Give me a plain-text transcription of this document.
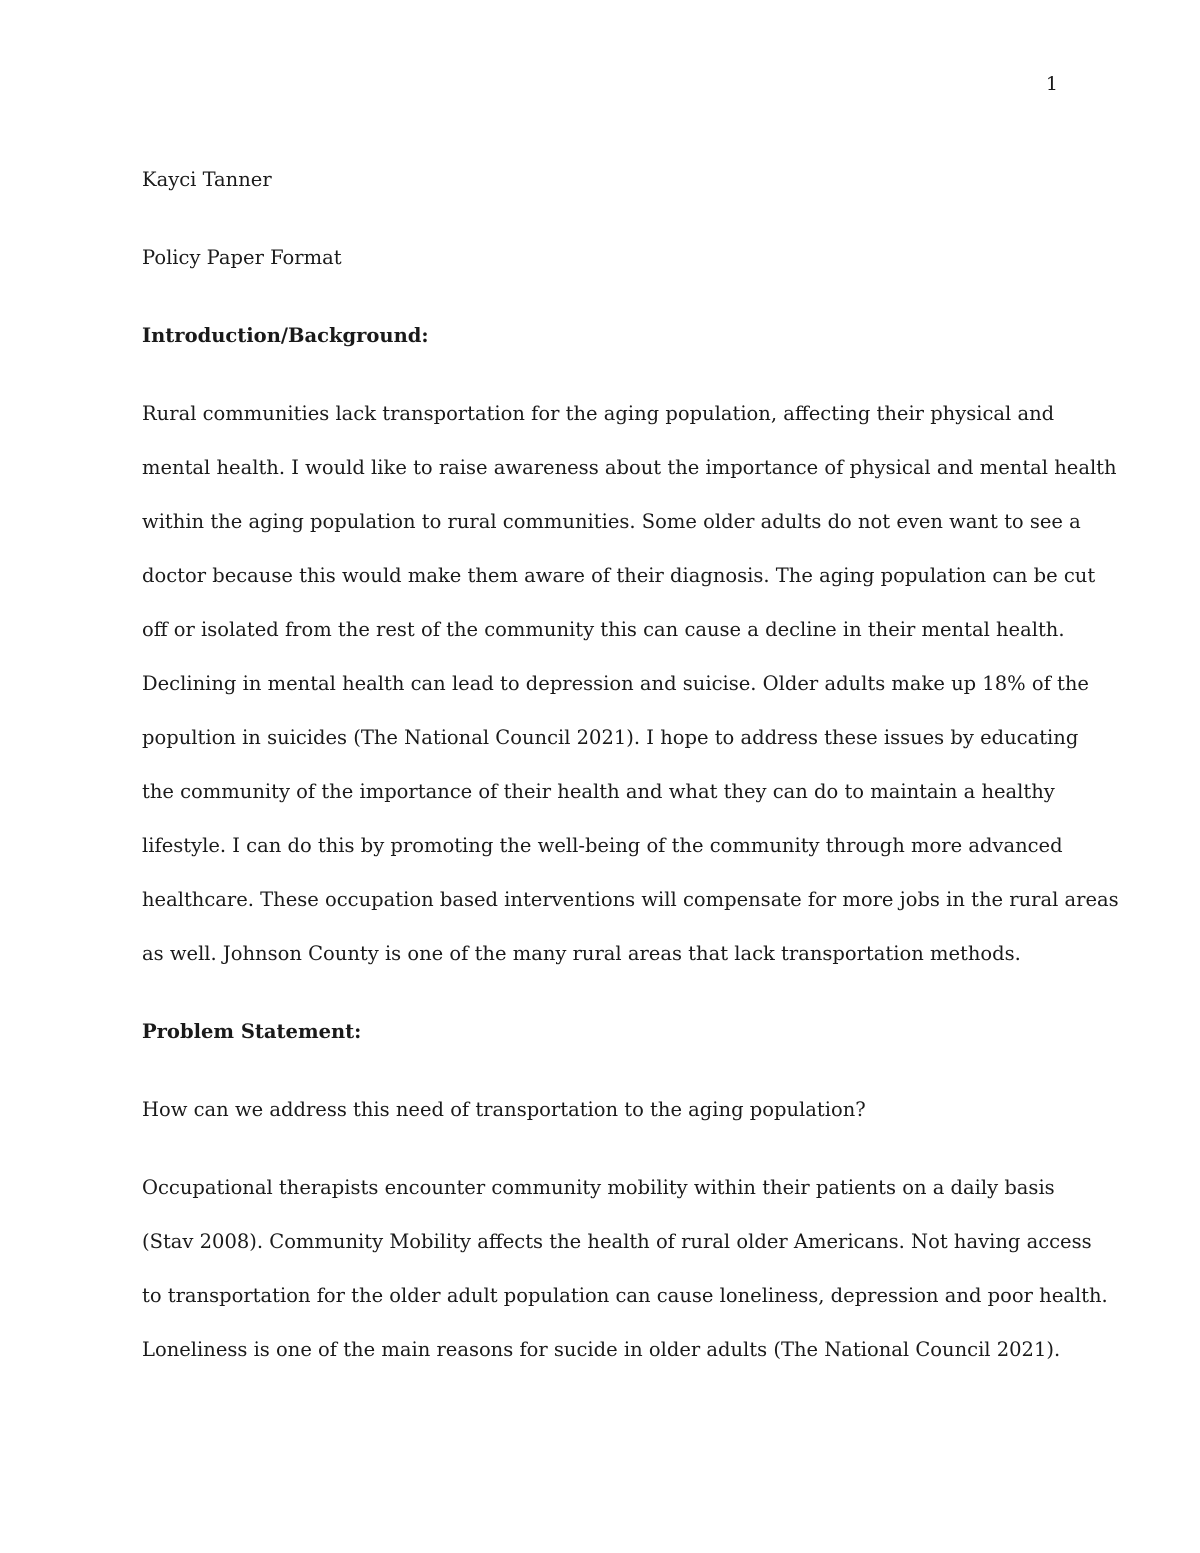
1

Kayci Tanner

Policy Paper Format

Introduction/Background:

Rural communities lack transportation for the aging population, affecting their physical and
mental health. I would like to raise awareness about the importance of physical and mental health
within the aging population to rural communities. Some older adults do not even want to see a
doctor because this would make them aware of their diagnosis. The aging population can be cut
off or isolated from the rest of the community this can cause a decline in their mental health.
Declining in mental health can lead to depression and suicise. Older adults make up 18% of the
popultion in suicides (The National Council 2021). I hope to address these issues by educating
the community of the importance of their health and what they can do to maintain a healthy
lifestyle. I can do this by promoting the well-being of the community through more advanced
healthcare. These occupation based interventions will compensate for more jobs in the rural areas
as well. Johnson County is one of the many rural areas that lack transportation methods.

Problem Statement:

How can we address this need of transportation to the aging population?

Occupational therapists encounter community mobility within their patients on a daily basis
(Stav 2008). Community Mobility affects the health of rural older Americans. Not having access
to transportation for the older adult population can cause loneliness, depression and poor health.
Loneliness is one of the main reasons for sucide in older adults (The National Council 2021).
